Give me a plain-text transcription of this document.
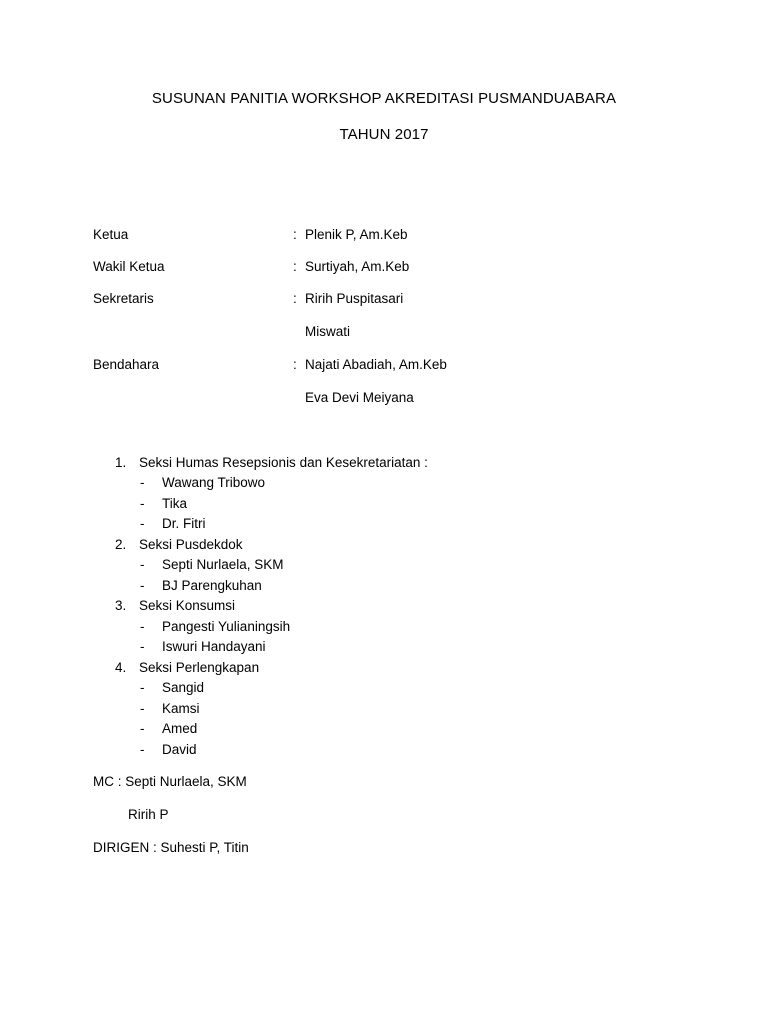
SUSUNAN PANITIA WORKSHOP AKREDITASI PUSMANDUABARA
TAHUN 2017
Ketua	: Plenik P, Am.Keb
Wakil Ketua	: Surtiyah, Am.Keb
Sekretaris	: Ririh Puspitasari
Miswati
Bendahara	: Najati Abadiah, Am.Keb
Eva Devi Meiyana
1. Seksi Humas Resepsionis dan Kesekretariatan :
- Wawang Tribowo
- Tika
- Dr. Fitri
2. Seksi Pusdekdok
- Septi Nurlaela, SKM
- BJ Parengkuhan
3. Seksi Konsumsi
- Pangesti Yulianingsih
- Iswuri Handayani
4. Seksi Perlengkapan
- Sangid
- Kamsi
- Amed
- David
MC : Septi Nurlaela, SKM
Ririh P
DIRIGEN : Suhesti P, Titin
